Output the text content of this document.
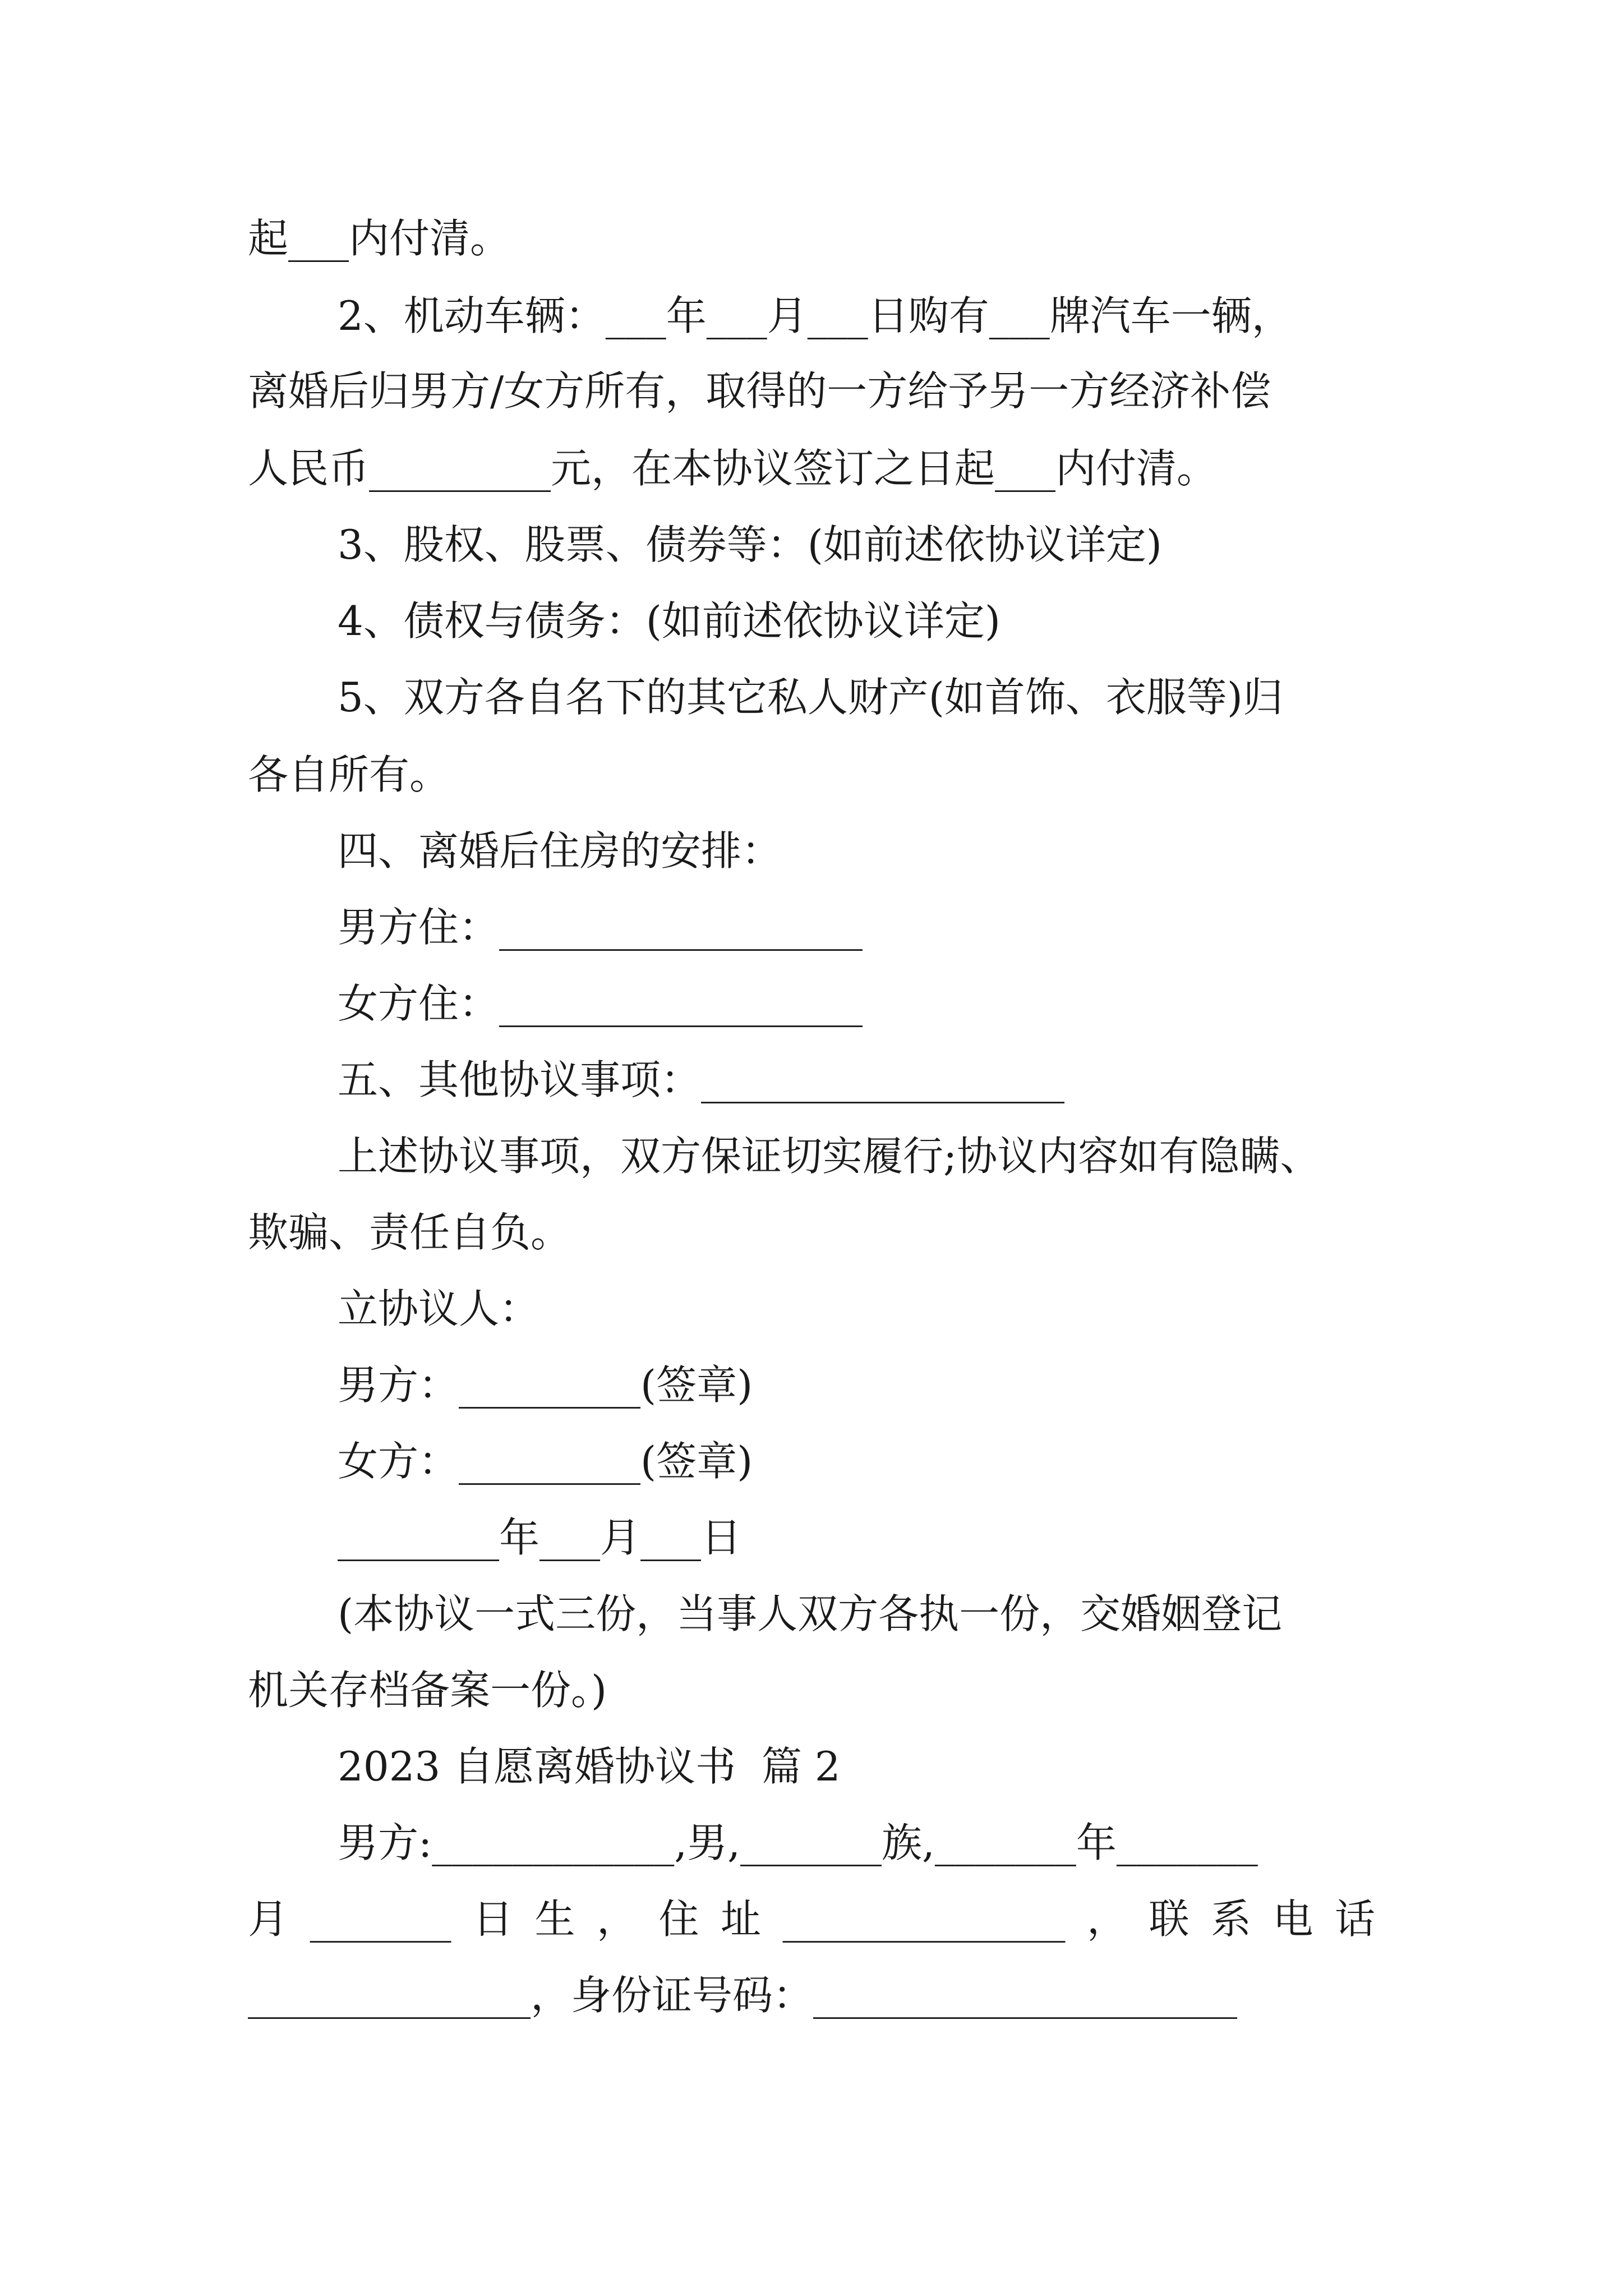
起___内付清。
2、机动车辆：___年___月___日购有___牌汽车一辆，
离婚后归男方/女方所有，取得的一方给予另一方经济补偿
人民币_________元，在本协议签订之日起___内付清。
3、股权、股票、债券等：(如前述依协议详定)
4、债权与债务：(如前述依协议详定)
5、双方各自名下的其它私人财产(如首饰、衣服等)归
各自所有。
四、离婚后住房的安排：
男方住：__________________
女方住：__________________
五、其他协议事项：__________________
上述协议事项，双方保证切实履行;协议内容如有隐瞒、
欺骗、责任自负。
立协议人：
男方：_________(签章)
女方：_________(签章)
________年___月___日
(本协议一式三份，当事人双方各执一份，交婚姻登记
机关存档备案一份。)
2023 自愿离婚协议书  篇 2
男方:____________,男,_______族,_______年_______
月 _______ 日 生 ， 住 址 ______________ ， 联 系 电 话
______________，身份证号码：_____________________
